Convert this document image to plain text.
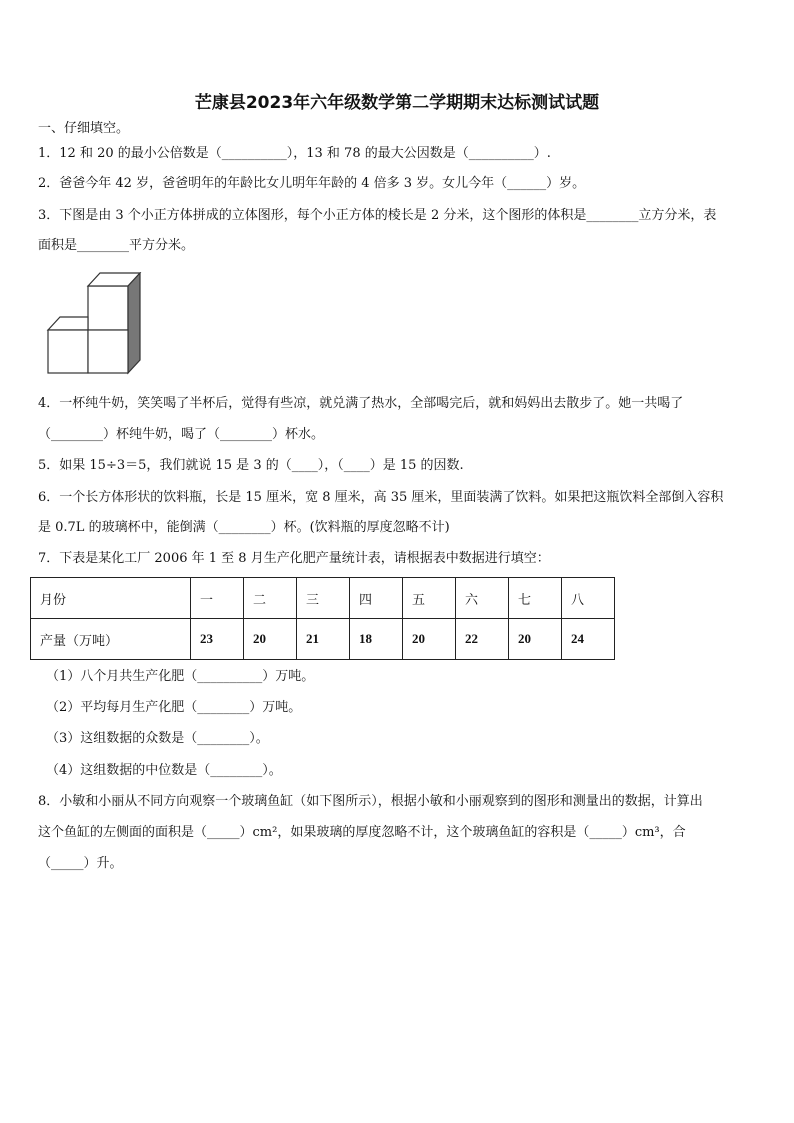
芒康县2023年六年级数学第二学期期末达标测试试题
一、仔细填空。
1．12 和 20 的最小公倍数是（__________），13 和 78 的最大公因数是（__________）.
2．爸爸今年 42 岁，爸爸明年的年龄比女儿明年年龄的 4 倍多 3 岁。女儿今年（______）岁。
3．下图是由 3 个小正方体拼成的立体图形，每个小正方体的棱长是 2 分米，这个图形的体积是________立方分米，表
面积是________平方分米。
4．一杯纯牛奶，笑笑喝了半杯后，觉得有些凉，就兑满了热水，全部喝完后，就和妈妈出去散步了。她一共喝了
（________）杯纯牛奶，喝了（________）杯水。
5．如果 15÷3＝5，我们就说 15 是 3 的（____），（____）是 15 的因数.
6．一个长方体形状的饮料瓶，长是 15 厘米，宽 8 厘米，高 35 厘米，里面装满了饮料。如果把这瓶饮料全部倒入容积
是 0.7L 的玻璃杯中，能倒满（________）杯。(饮料瓶的厚度忽略不计)
7．下表是某化工厂 2006 年 1 至 8 月生产化肥产量统计表，请根据表中数据进行填空：
月份	一	二	三	四	五	六	七	八
产量（万吨）	23	20	21	18	20	22	20	24
（1）八个月共生产化肥（__________）万吨。
（2）平均每月生产化肥（________）万吨。
（3）这组数据的众数是（________）。
（4）这组数据的中位数是（________）。
8．小敏和小丽从不同方向观察一个玻璃鱼缸（如下图所示），根据小敏和小丽观察到的图形和测量出的数据，计算出
这个鱼缸的左侧面的面积是（_____）cm²，如果玻璃的厚度忽略不计，这个玻璃鱼缸的容积是（_____）cm³，合
（_____）升。
